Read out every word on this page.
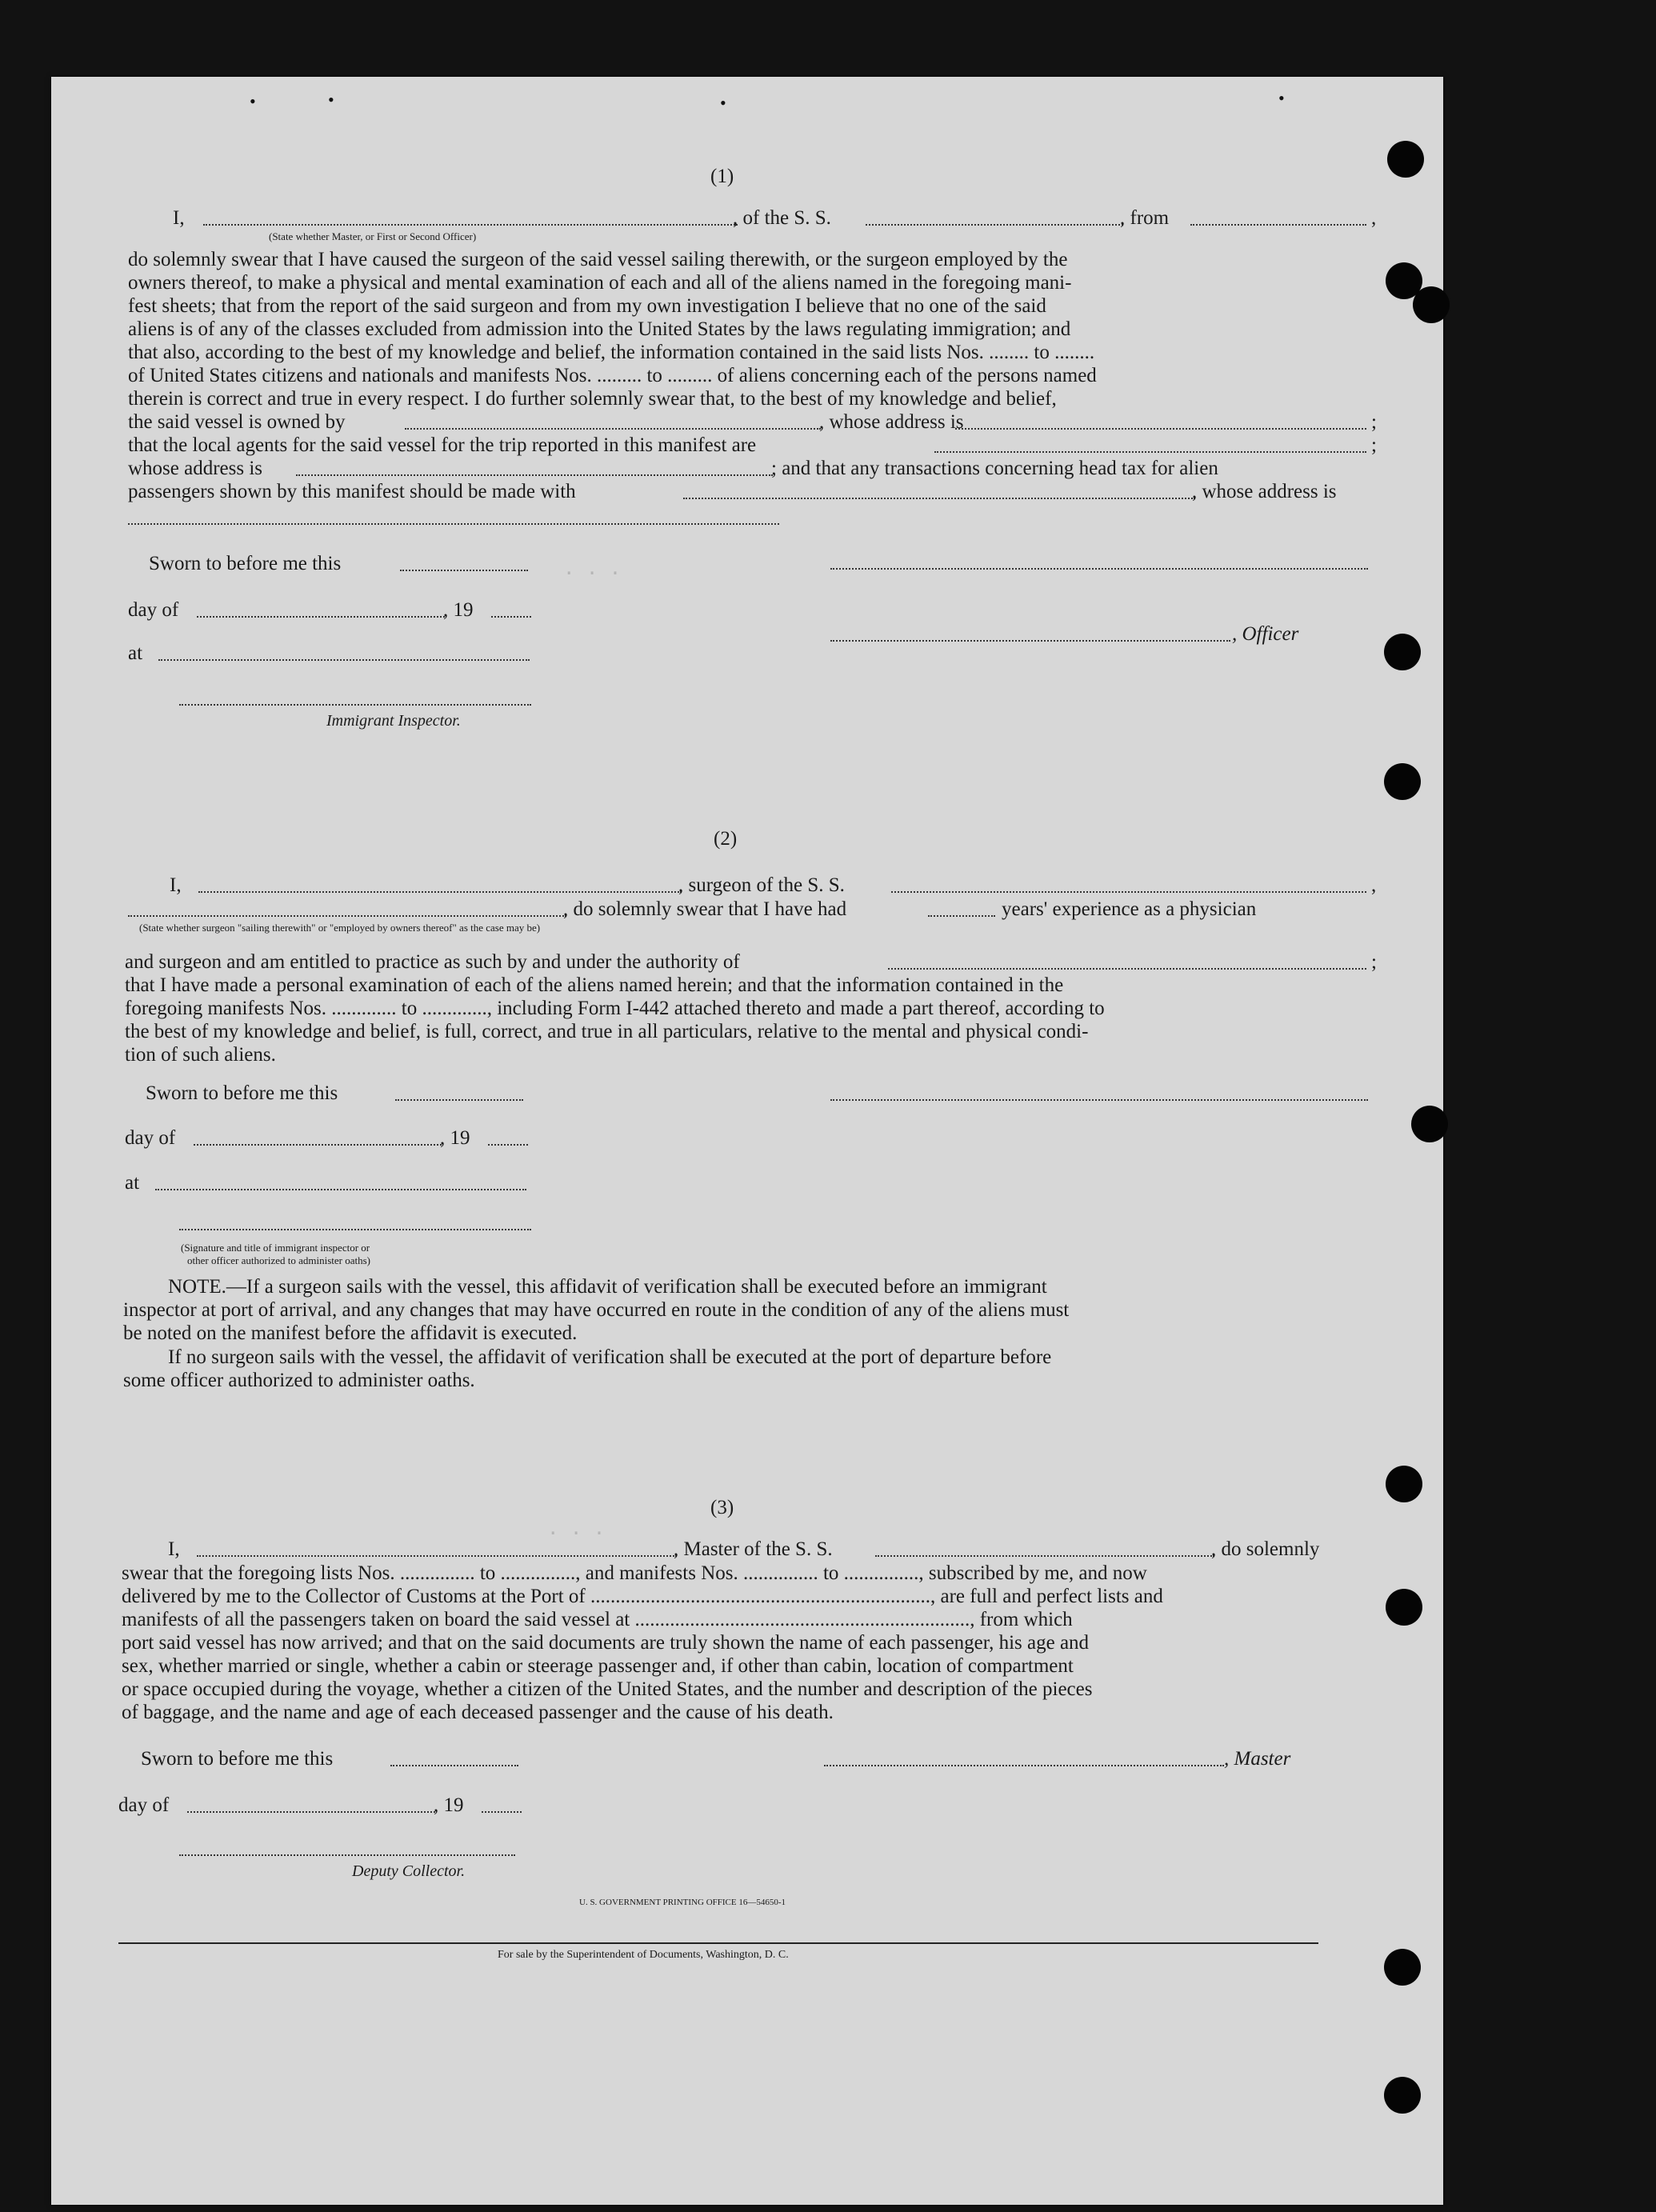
. . .
. . .
(1)
I,	, of the S. S.	, from	,
(State whether Master, or First or Second Officer)
do solemnly swear that I have caused the surgeon of the said vessel sailing therewith, or the surgeon employed by the
owners thereof, to make a physical and mental examination of each and all of the aliens named in the foregoing mani-
fest sheets; that from the report of the said surgeon and from my own investigation I believe that no one of the said
aliens is of any of the classes excluded from admission into the United States by the laws regulating immigration; and
that also, according to the best of my knowledge and belief, the information contained in the said lists Nos. ........ to ........
of United States citizens and nationals and manifests Nos. ......... to ......... of aliens concerning each of the persons named
therein is correct and true in every respect. I do further solemnly swear that, to the best of my knowledge and belief,
the said vessel is owned by	, whose address is	;
that the local agents for the said vessel for the trip reported in this manifest are	;
whose address is	; and that any transactions concerning head tax for alien
passengers shown by this manifest should be made with	, whose address is
Sworn to before me this
day of	, 19
, Officer
at
Immigrant Inspector.
(2)
I,	, surgeon of the S. S.	,
, do solemnly swear that I have had	years' experience as a physician
(State whether surgeon "sailing therewith" or "employed by owners thereof" as the case may be)
and surgeon and am entitled to practice as such by and under the authority of	;
that I have made a personal examination of each of the aliens named herein; and that the information contained in the
foregoing manifests Nos. ............. to ............., including Form I-442 attached thereto and made a part thereof, according to
the best of my knowledge and belief, is full, correct, and true in all particulars, relative to the mental and physical condi-
tion of such aliens.
Sworn to before me this
day of	, 19
at
(Signature and title of immigrant inspector or
other officer authorized to administer oaths)
NOTE.—If a surgeon sails with the vessel, this affidavit of verification shall be executed before an immigrant
inspector at port of arrival, and any changes that may have occurred en route in the condition of any of the aliens must
be noted on the manifest before the affidavit is executed.
If no surgeon sails with the vessel, the affidavit of verification shall be executed at the port of departure before
some officer authorized to administer oaths.
(3)
I,	, Master of the S. S.	, do solemnly
swear that the foregoing lists Nos. ............... to ..............., and manifests Nos. ............... to ..............., subscribed by me, and now
delivered by me to the Collector of Customs at the Port of ...................................................................., are full and perfect lists and
manifests of all the passengers taken on board the said vessel at ..................................................................., from which
port said vessel has now arrived; and that on the said documents are truly shown the name of each passenger, his age and
sex, whether married or single, whether a cabin or steerage passenger and, if other than cabin, location of compartment
or space occupied during the voyage, whether a citizen of the United States, and the number and description of the pieces
of baggage, and the name and age of each deceased passenger and the cause of his death.
Sworn to before me this	, Master
day of	, 19
Deputy Collector.
U. S. GOVERNMENT PRINTING OFFICE 16—54650-1
For sale by the Superintendent of Documents, Washington, D. C.
•	•	•	•
